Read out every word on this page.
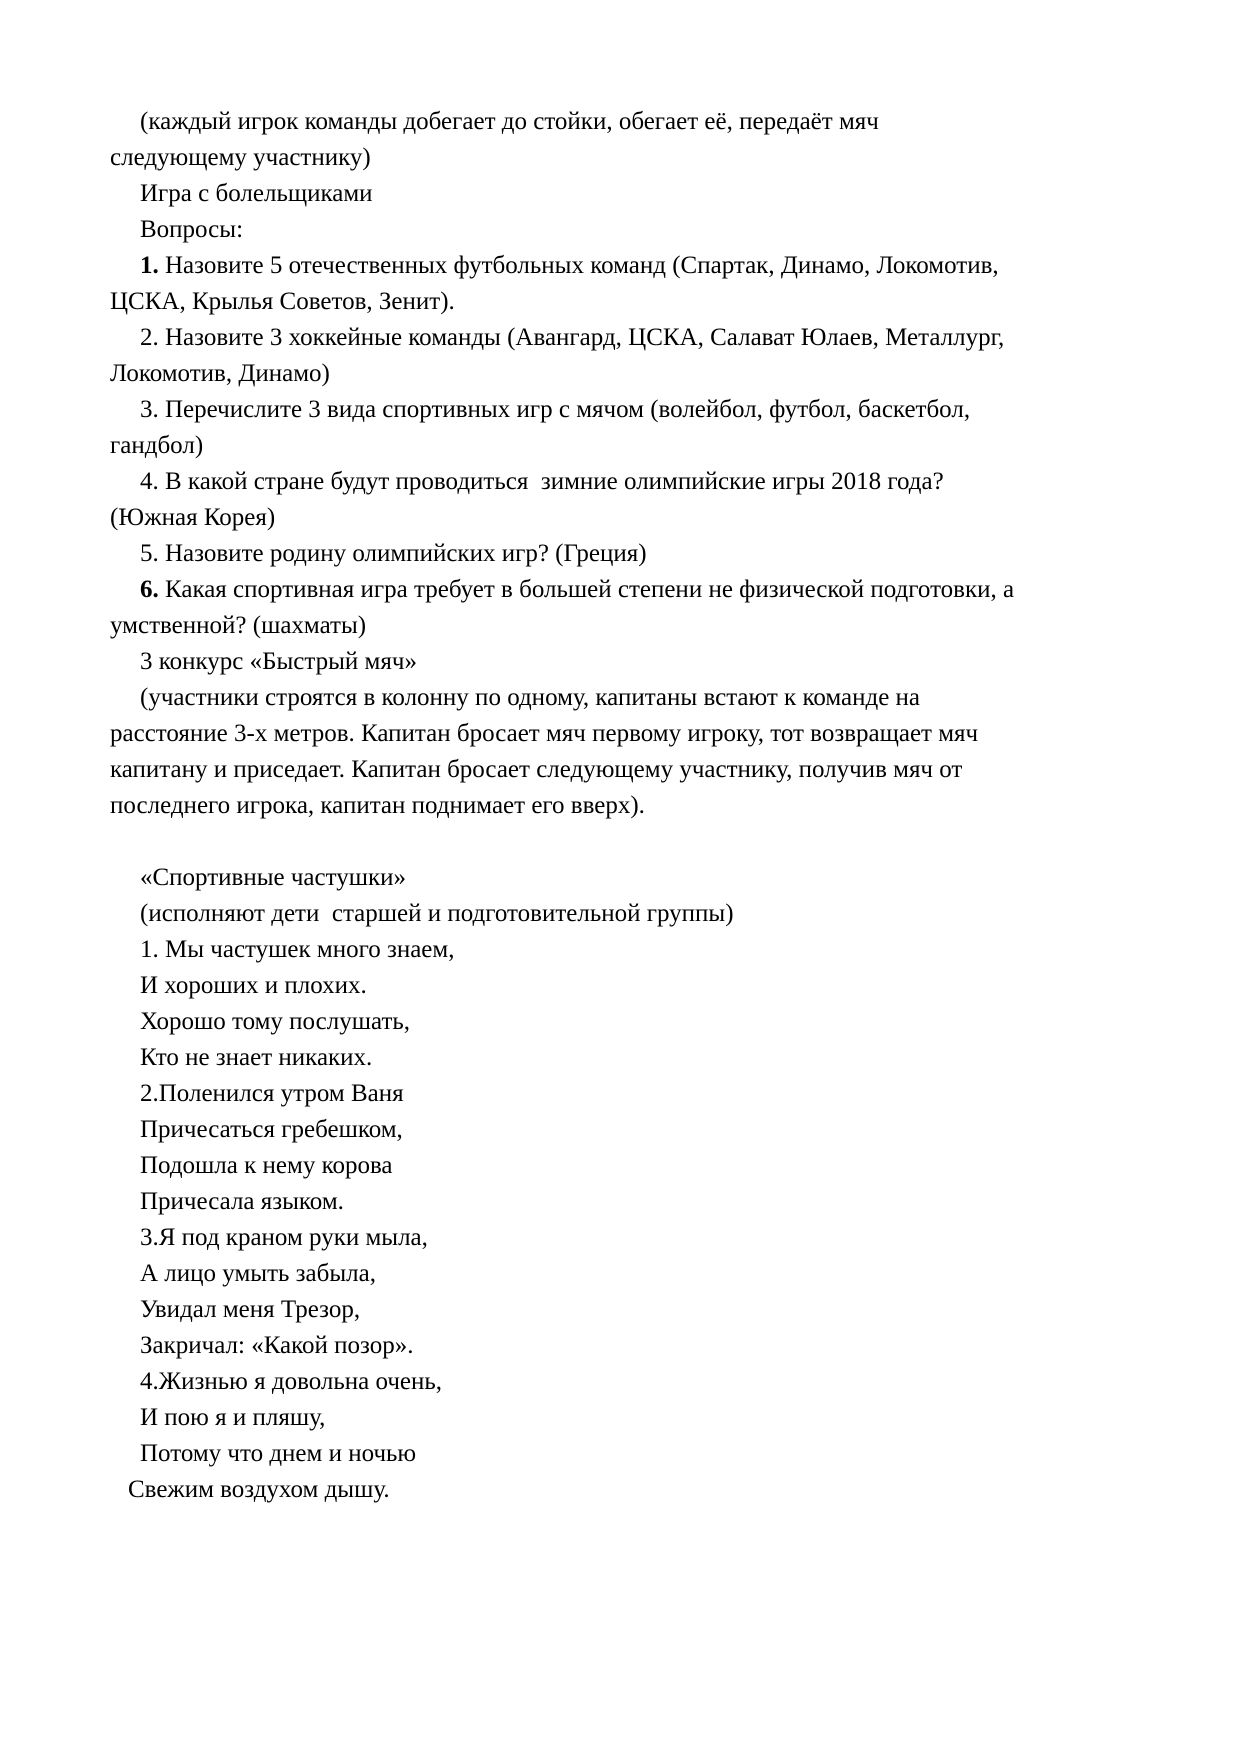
(каждый игрок команды добегает до стойки, обегает её, передаёт мяч следующему участнику)

Игра с болельщиками

Вопросы:

1. Назовите 5 отечественных футбольных команд (Спартак, Динамо, Локомотив, ЦСКА, Крылья Советов, Зенит).

2. Назовите 3 хоккейные команды (Авангард, ЦСКА, Салават Юлаев, Металлург, Локомотив, Динамо)

3. Перечислите 3 вида спортивных игр с мячом (волейбол, футбол, баскетбол, гандбол)

4. В какой стране будут проводиться  зимние олимпийские игры 2018 года? (Южная Корея)

5. Назовите родину олимпийских игр? (Греция)

6. Какая спортивная игра требует в большей степени не физической подготовки, а умственной? (шахматы)

3 конкурс «Быстрый мяч»

(участники строятся в колонну по одному, капитаны встают к команде на расстояние 3-х метров. Капитан бросает мяч первому игроку, тот возвращает мяч капитану и приседает. Капитан бросает следующему участнику, получив мяч от последнего игрока, капитан поднимает его вверх).

«Спортивные частушки»

(исполняют дети  старшей и подготовительной группы)

1. Мы частушек много знаем,

И хороших и плохих.

Хорошо тому послушать,

Кто не знает никаких.

2.Поленился утром Ваня

Причесаться гребешком,

Подошла к нему корова

Причесала языком.

3.Я под краном руки мыла,

А лицо умыть забыла,

Увидал меня Трезор,

Закричал: «Какой позор».

4.Жизнью я довольна очень,

И пою я и пляшу,

Потому что днем и ночью

Свежим воздухом дышу.
